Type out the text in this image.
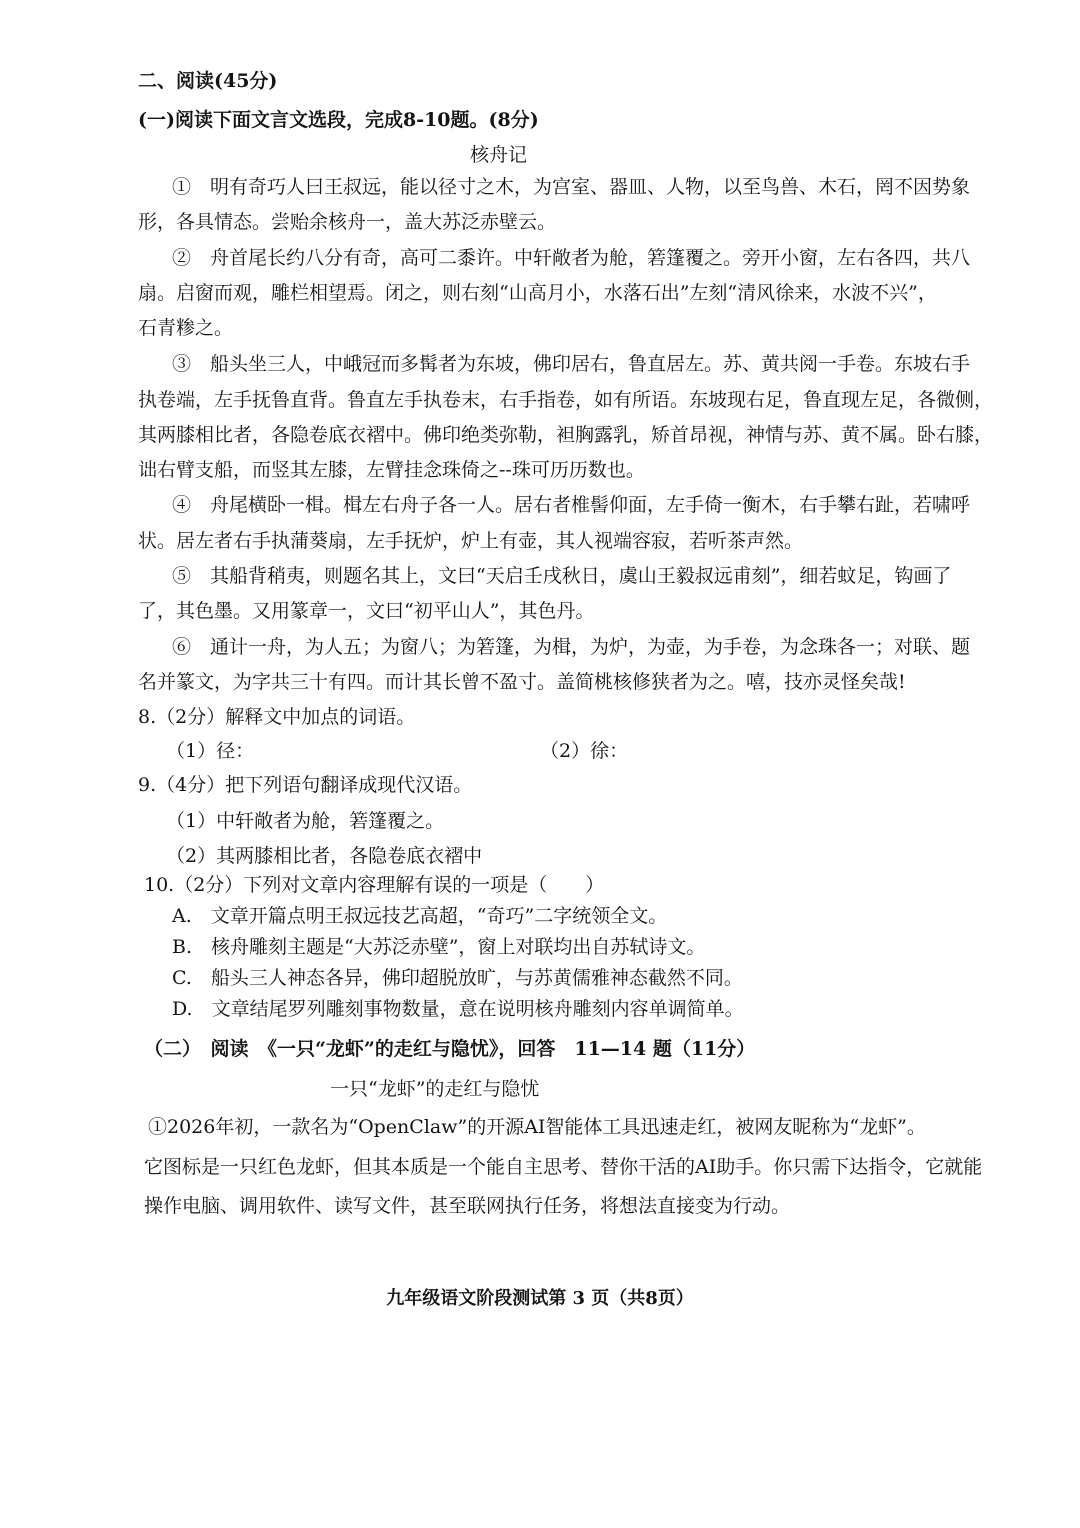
二、阅读(45分)
(一)阅读下面文言文选段，完成8-10题。(8分)
核舟记
①　明有奇巧人曰王叔远，能以径寸之木，为宫室、器皿、人物，以至鸟兽、木石，罔不因势象
形，各具情态。尝贻余核舟一，盖大苏泛赤壁云。
②　舟首尾长约八分有奇，高可二黍许。中轩敞者为舱，箬篷覆之。旁开小窗，左右各四，共八
扇。启窗而观，雕栏相望焉。闭之，则右刻“山高月小，水落石出”左刻“清风徐来，水波不兴”，
石青糁之。
③　船头坐三人，中峨冠而多髯者为东坡，佛印居右，鲁直居左。苏、黄共阅一手卷。东坡右手
执卷端，左手抚鲁直背。鲁直左手执卷末，右手指卷，如有所语。东坡现右足，鲁直现左足，各微侧，
其两膝相比者，各隐卷底衣褶中。佛印绝类弥勒，袒胸露乳，矫首昂视，神情与苏、黄不属。卧右膝，
诎右臂支船，而竖其左膝，左臂挂念珠倚之--珠可历历数也。
④　舟尾横卧一楫。楫左右舟子各一人。居右者椎髻仰面，左手倚一衡木，右手攀右趾，若啸呼
状。居左者右手执蒲葵扇，左手抚炉，炉上有壶，其人视端容寂，若听茶声然。
⑤　其船背稍夷，则题名其上，文曰“天启壬戌秋日，虞山王毅叔远甫刻”，细若蚊足，钩画了
了，其色墨。又用篆章一，文曰“初平山人”，其色丹。
⑥　通计一舟，为人五；为窗八；为箬篷，为楫，为炉，为壶，为手卷，为念珠各一；对联、题
名并篆文，为字共三十有四。而计其长曾不盈寸。盖简桃核修狭者为之。嘻，技亦灵怪矣哉!
8.（2分）解释文中加点的词语。
（1）径：	（2）徐：
9.（4分）把下列语句翻译成现代汉语。
（1）中轩敞者为舱，箬篷覆之。
（2）其两膝相比者，各隐卷底衣褶中
10.（2分）下列对文章内容理解有误的一项是（　　）
A.　文章开篇点明王叔远技艺高超，“奇巧”二字统领全文。
B.　核舟雕刻主题是“大苏泛赤壁”，窗上对联均出自苏轼诗文。
C.　船头三人神态各异，佛印超脱放旷，与苏黄儒雅神态截然不同。
D.　文章结尾罗列雕刻事物数量，意在说明核舟雕刻内容单调简单。
（二）　阅读　《一只“龙虾”的走红与隐忧》，回答　11—14 题（11分）
一只“龙虾”的走红与隐忧
①2026年初，一款名为“OpenClaw”的开源AI智能体工具迅速走红，被网友昵称为“龙虾”。
它图标是一只红色龙虾，但其本质是一个能自主思考、替你干活的AI助手。你只需下达指令，它就能
操作电脑、调用软件、读写文件，甚至联网执行任务，将想法直接变为行动。
九年级语文阶段测试第 3 页（共8页）
